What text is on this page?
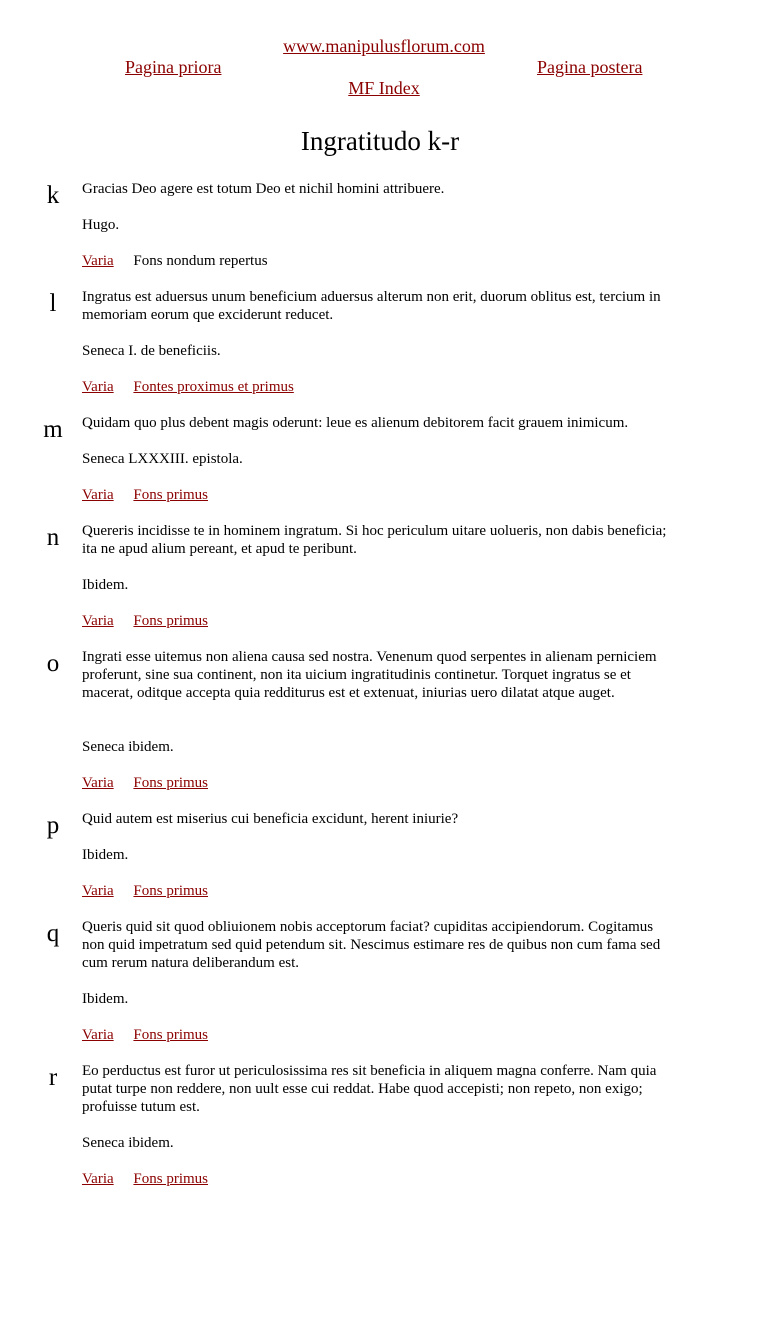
www.manipulusflorum.com
Pagina priora	Pagina postera
MF Index
Ingratitudo k-r
k	Gracias Deo agere est totum Deo et nichil homini attribuere.
Hugo.
Varia Fons nondum repertus
l	Ingratus est aduersus unum beneficium aduersus alterum non erit, duorum oblitus est, tercium in memoriam eorum que exciderunt reducet.
Seneca I. de beneficiis.
Varia Fontes proximus et primus
m	Quidam quo plus debent magis oderunt: leue es alienum debitorem facit grauem inimicum.
Seneca LXXXIII. epistola.
Varia Fons primus
n	Quereris incidisse te in hominem ingratum. Si hoc periculum uitare uolueris, non dabis beneficia; ita ne apud alium pereant, et apud te peribunt.
Ibidem.
Varia Fons primus
o	Ingrati esse uitemus non aliena causa sed nostra. Venenum quod serpentes in alienam perniciem proferunt, sine sua continent, non ita uicium ingratitudinis continetur. Torquet ingratus se et macerat, oditque accepta quia redditurus est et extenuat, iniurias uero dilatat atque auget.
Seneca ibidem.
Varia Fons primus
p	Quid autem est miserius cui beneficia excidunt, herent iniurie?
Ibidem.
Varia Fons primus
q	Queris quid sit quod obliuionem nobis acceptorum faciat? cupiditas accipiendorum. Cogitamus non quid impetratum sed quid petendum sit. Nescimus estimare res de quibus non cum fama sed cum rerum natura deliberandum est.
Ibidem.
Varia Fons primus
r	Eo perductus est furor ut periculosissima res sit beneficia in aliquem magna conferre. Nam quia putat turpe non reddere, non uult esse cui reddat. Habe quod accepisti; non repeto, non exigo; profuisse tutum est.
Seneca ibidem.
Varia Fons primus
